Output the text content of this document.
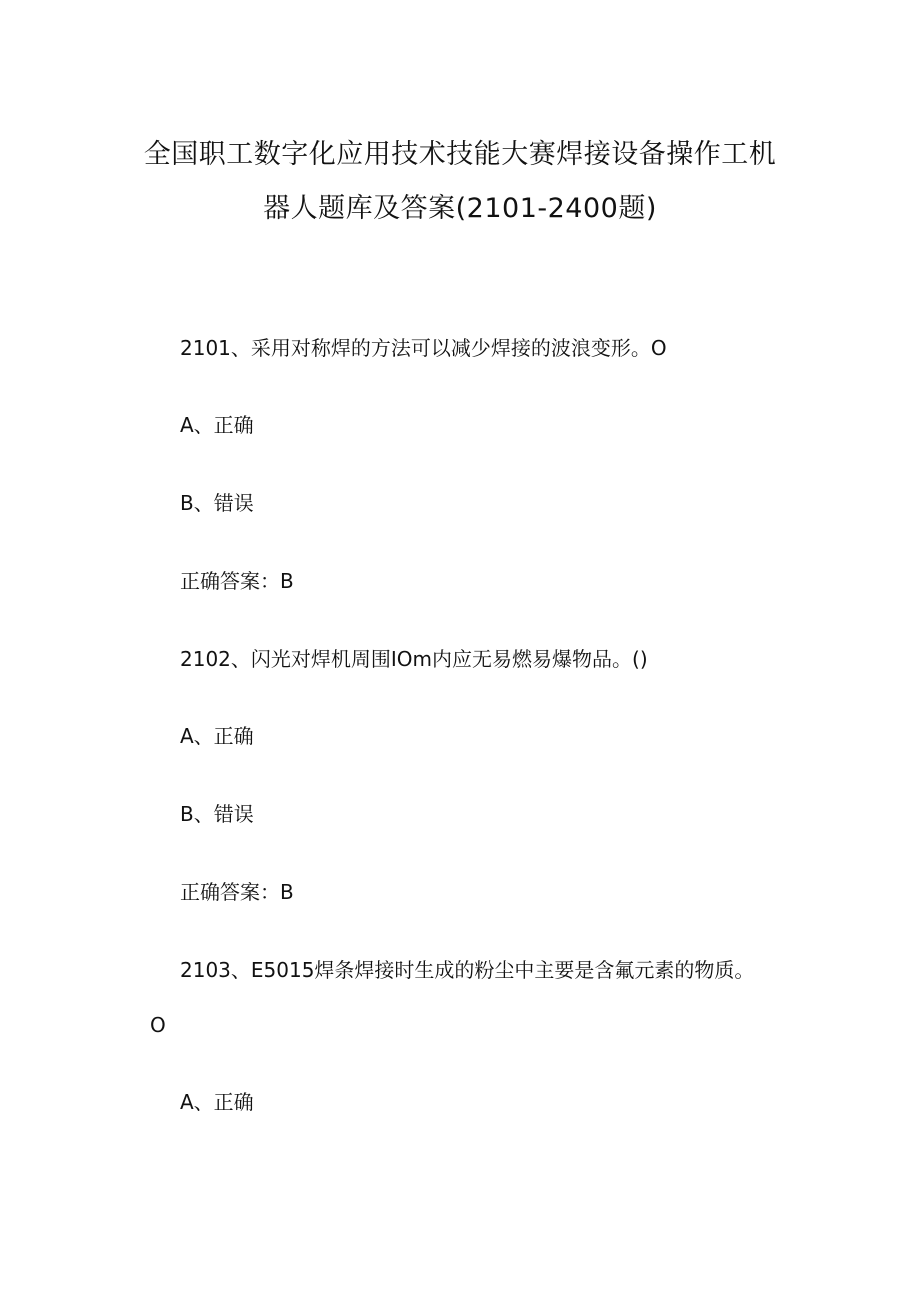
全国职工数字化应用技术技能大赛焊接设备操作工机
器人题库及答案(2101-2400题)
2101、采用对称焊的方法可以减少焊接的波浪变形。O
A、正确
B、错误
正确答案：B
2102、闪光对焊机周围IOm内应无易燃易爆物品。()
A、正确
B、错误
正确答案：B
2103、E5015焊条焊接时生成的粉尘中主要是含氟元素的物质。
O
A、正确
